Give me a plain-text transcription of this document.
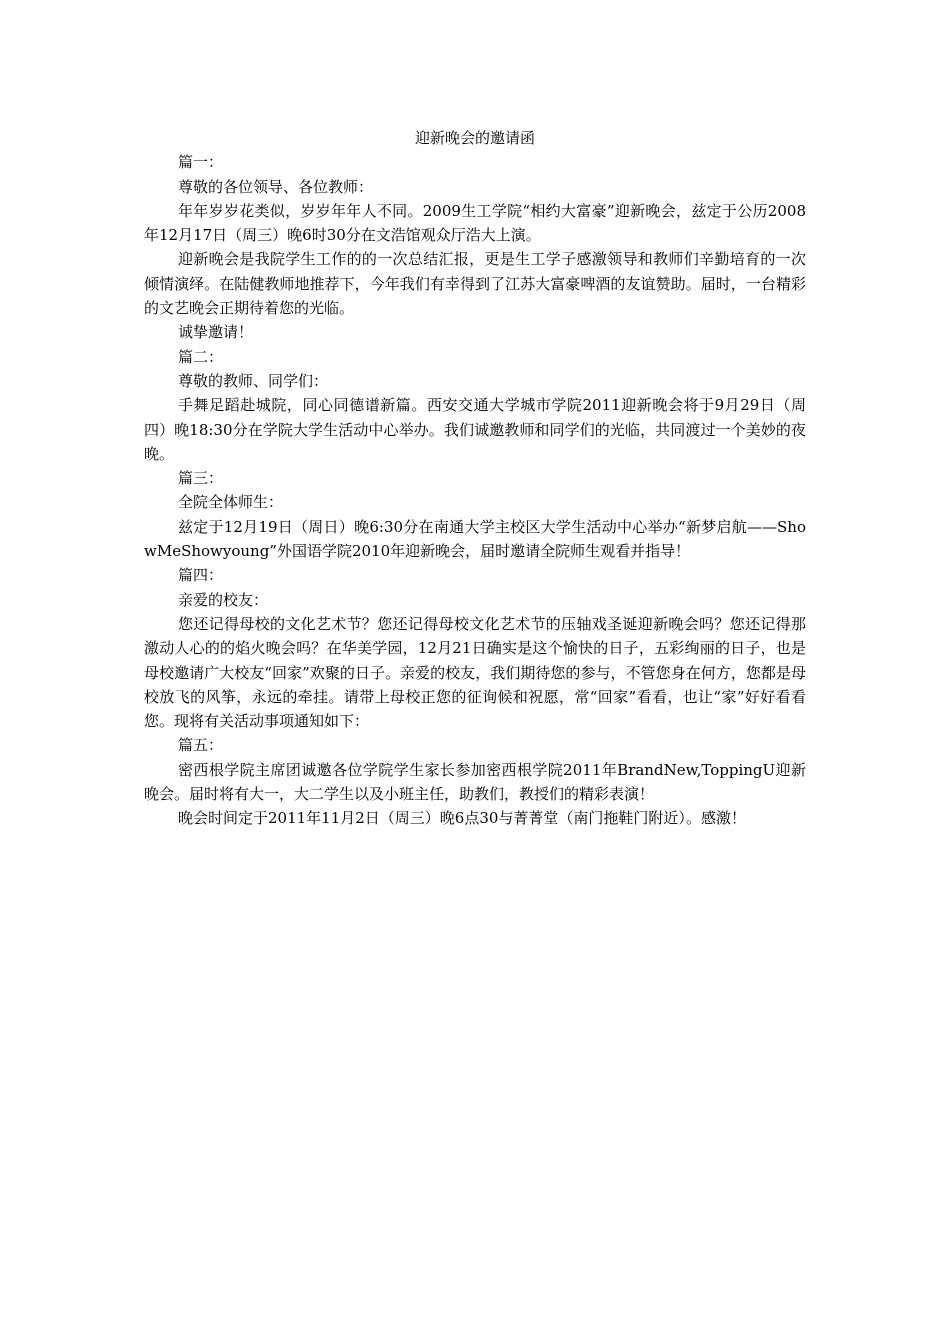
迎新晚会的邀请函

篇一：

尊敬的各位领导、各位教师：

年年岁岁花类似，岁岁年年人不同。2009生工学院“相约大富豪”迎新晚会，兹定于公历2008年12月17日（周三）晚6时30分在文浩馆观众厅浩大上演。

迎新晚会是我院学生工作的的一次总结汇报，更是生工学子感激领导和教师们辛勤培育的一次倾情演绎。在陆健教师地推荐下，今年我们有幸得到了江苏大富豪啤酒的友谊赞助。届时，一台精彩的文艺晚会正期待着您的光临。

诚挚邀请！

篇二：

尊敬的教师、同学们：

手舞足蹈赴城院，同心同德谱新篇。西安交通大学城市学院2011迎新晚会将于9月29日（周四）晚18:30分在学院大学生活动中心举办。我们诚邀教师和同学们的光临，共同渡过一个美妙的夜晚。

篇三：

全院全体师生：

兹定于12月19日（周日）晚6:30分在南通大学主校区大学生活动中心举办“新梦启航——ShowMeShowyoung”外国语学院2010年迎新晚会，届时邀请全院师生观看并指导！

篇四：

亲爱的校友：

您还记得母校的文化艺术节？您还记得母校文化艺术节的压轴戏圣诞迎新晚会吗？您还记得那激动人心的的焰火晚会吗？在华美学园，12月21日确实是这个愉快的日子，五彩绚丽的日子，也是母校邀请广大校友“回家”欢聚的日子。亲爱的校友，我们期待您的参与，不管您身在何方，您都是母校放飞的风筝，永远的牵挂。请带上母校正您的征询候和祝愿，常“回家”看看，也让“家”好好看看您。现将有关活动事项通知如下：

篇五：

密西根学院主席团诚邀各位学院学生家长参加密西根学院2011年BrandNew,ToppingU迎新晚会。届时将有大一，大二学生以及小班主任，助教们，教授们的精彩表演！

晚会时间定于2011年11月2日（周三）晚6点30与菁菁堂（南门拖鞋门附近）。感激！
